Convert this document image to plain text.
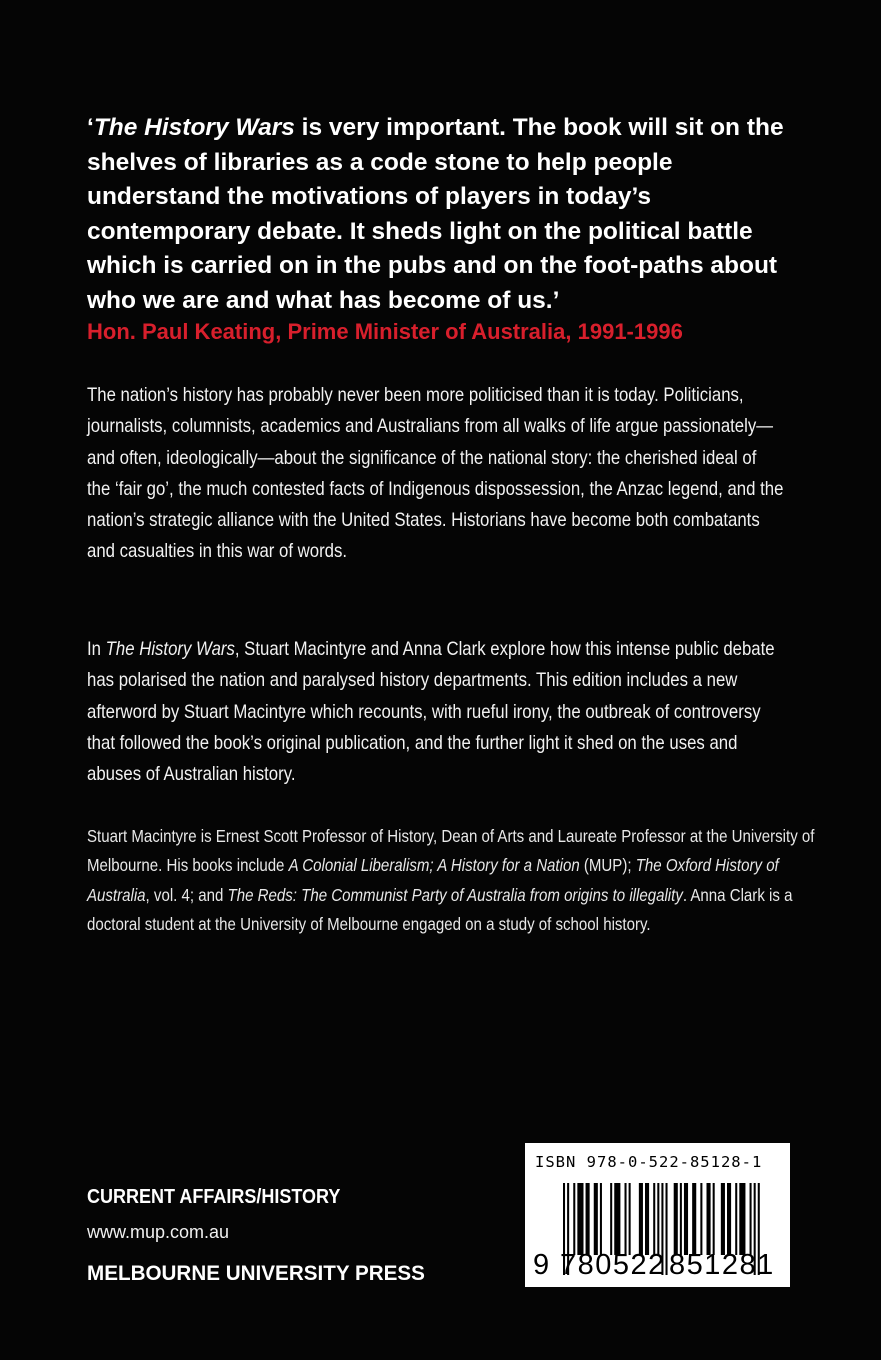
‘The History Wars is very important. The book will sit on the shelves of libraries as a code stone to help people understand the motivations of players in today’s contemporary debate. It sheds light on the political battle which is carried on in the pubs and on the foot-paths about who we are and what has become of us.’
Hon. Paul Keating, Prime Minister of Australia, 1991-1996
The nation’s history has probably never been more politicised than it is today. Politicians, journalists, columnists, academics and Australians from all walks of life argue passionately—and often, ideologically—about the significance of the national story: the cherished ideal of the ‘fair go’, the much contested facts of Indigenous dispossession, the Anzac legend, and the nation’s strategic alliance with the United States. Historians have become both combatants and casualties in this war of words.
In The History Wars, Stuart Macintyre and Anna Clark explore how this intense public debate has polarised the nation and paralysed history departments. This edition includes a new afterword by Stuart Macintyre which recounts, with rueful irony, the outbreak of controversy that followed the book’s original publication, and the further light it shed on the uses and abuses of Australian history.
Stuart Macintyre is Ernest Scott Professor of History, Dean of Arts and Laureate Professor at the University of Melbourne. His books include A Colonial Liberalism; A History for a Nation (MUP); The Oxford History of Australia, vol. 4; and The Reds: The Communist Party of Australia from origins to illegality. Anna Clark is a doctoral student at the University of Melbourne engaged on a study of school history.
CURRENT AFFAIRS/HISTORY
www.mup.com.au
MELBOURNE UNIVERSITY PRESS
ISBN 978-0-522-85128-1
9 780522 851281
